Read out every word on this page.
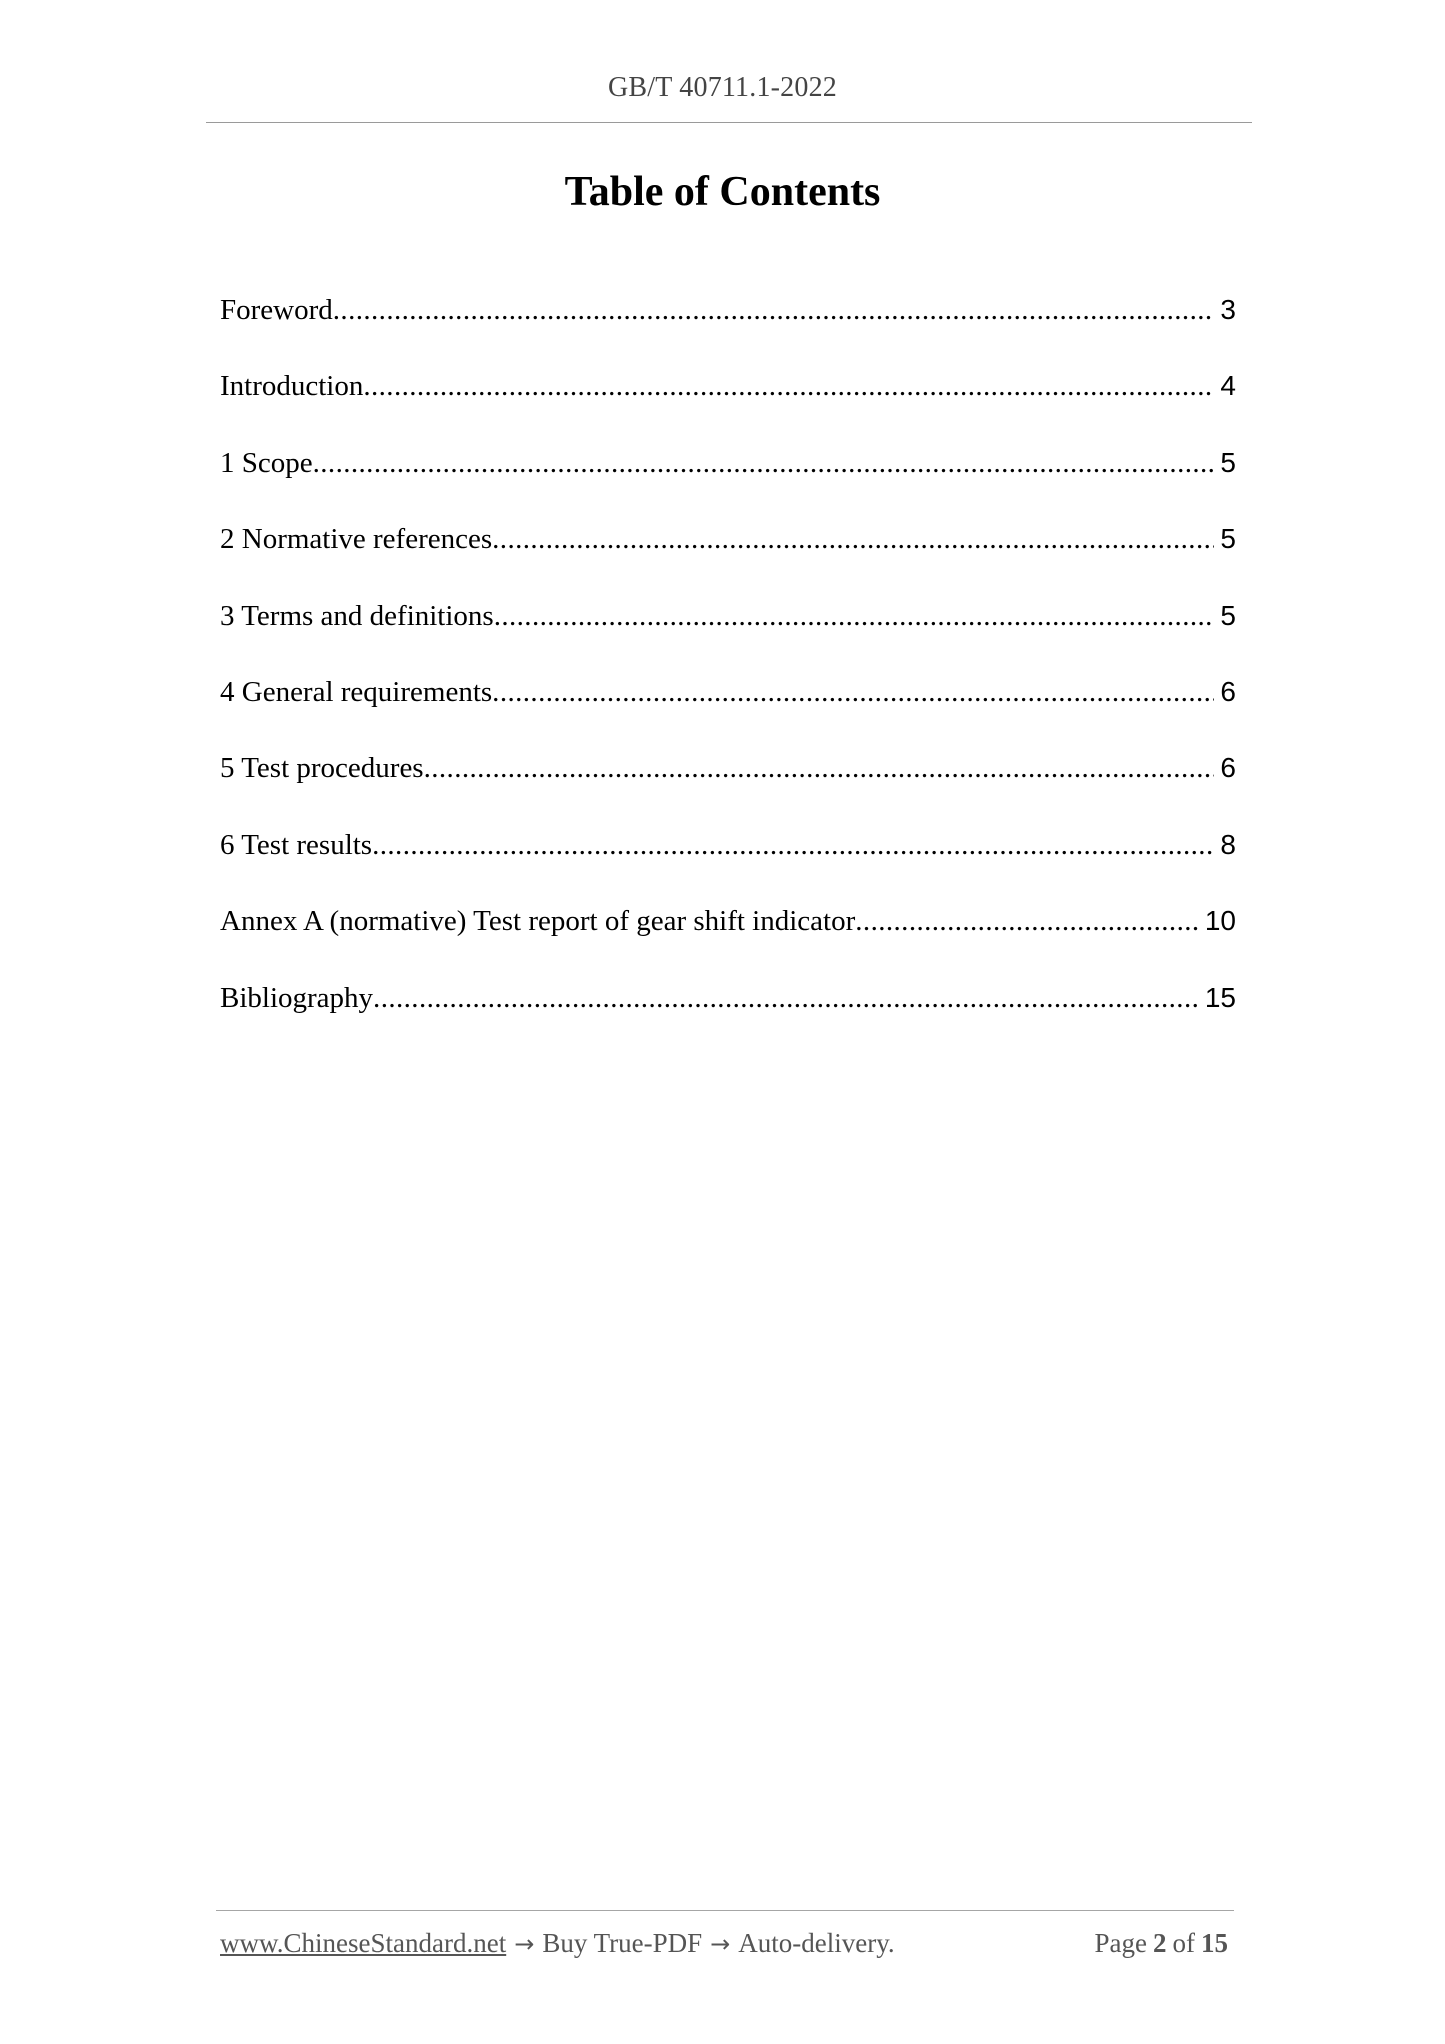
GB/T 40711.1-2022
Table of Contents
Foreword .....	3
Introduction .....	4
1 Scope .....	5
2 Normative references .....	5
3 Terms and definitions .....	5
4 General requirements .....	6
5 Test procedures .....	6
6 Test results .....	8
Annex A (normative) Test report of gear shift indicator .....	10
Bibliography .....	15
www.ChineseStandard.net → Buy True-PDF → Auto-delivery.	Page 2 of 15
